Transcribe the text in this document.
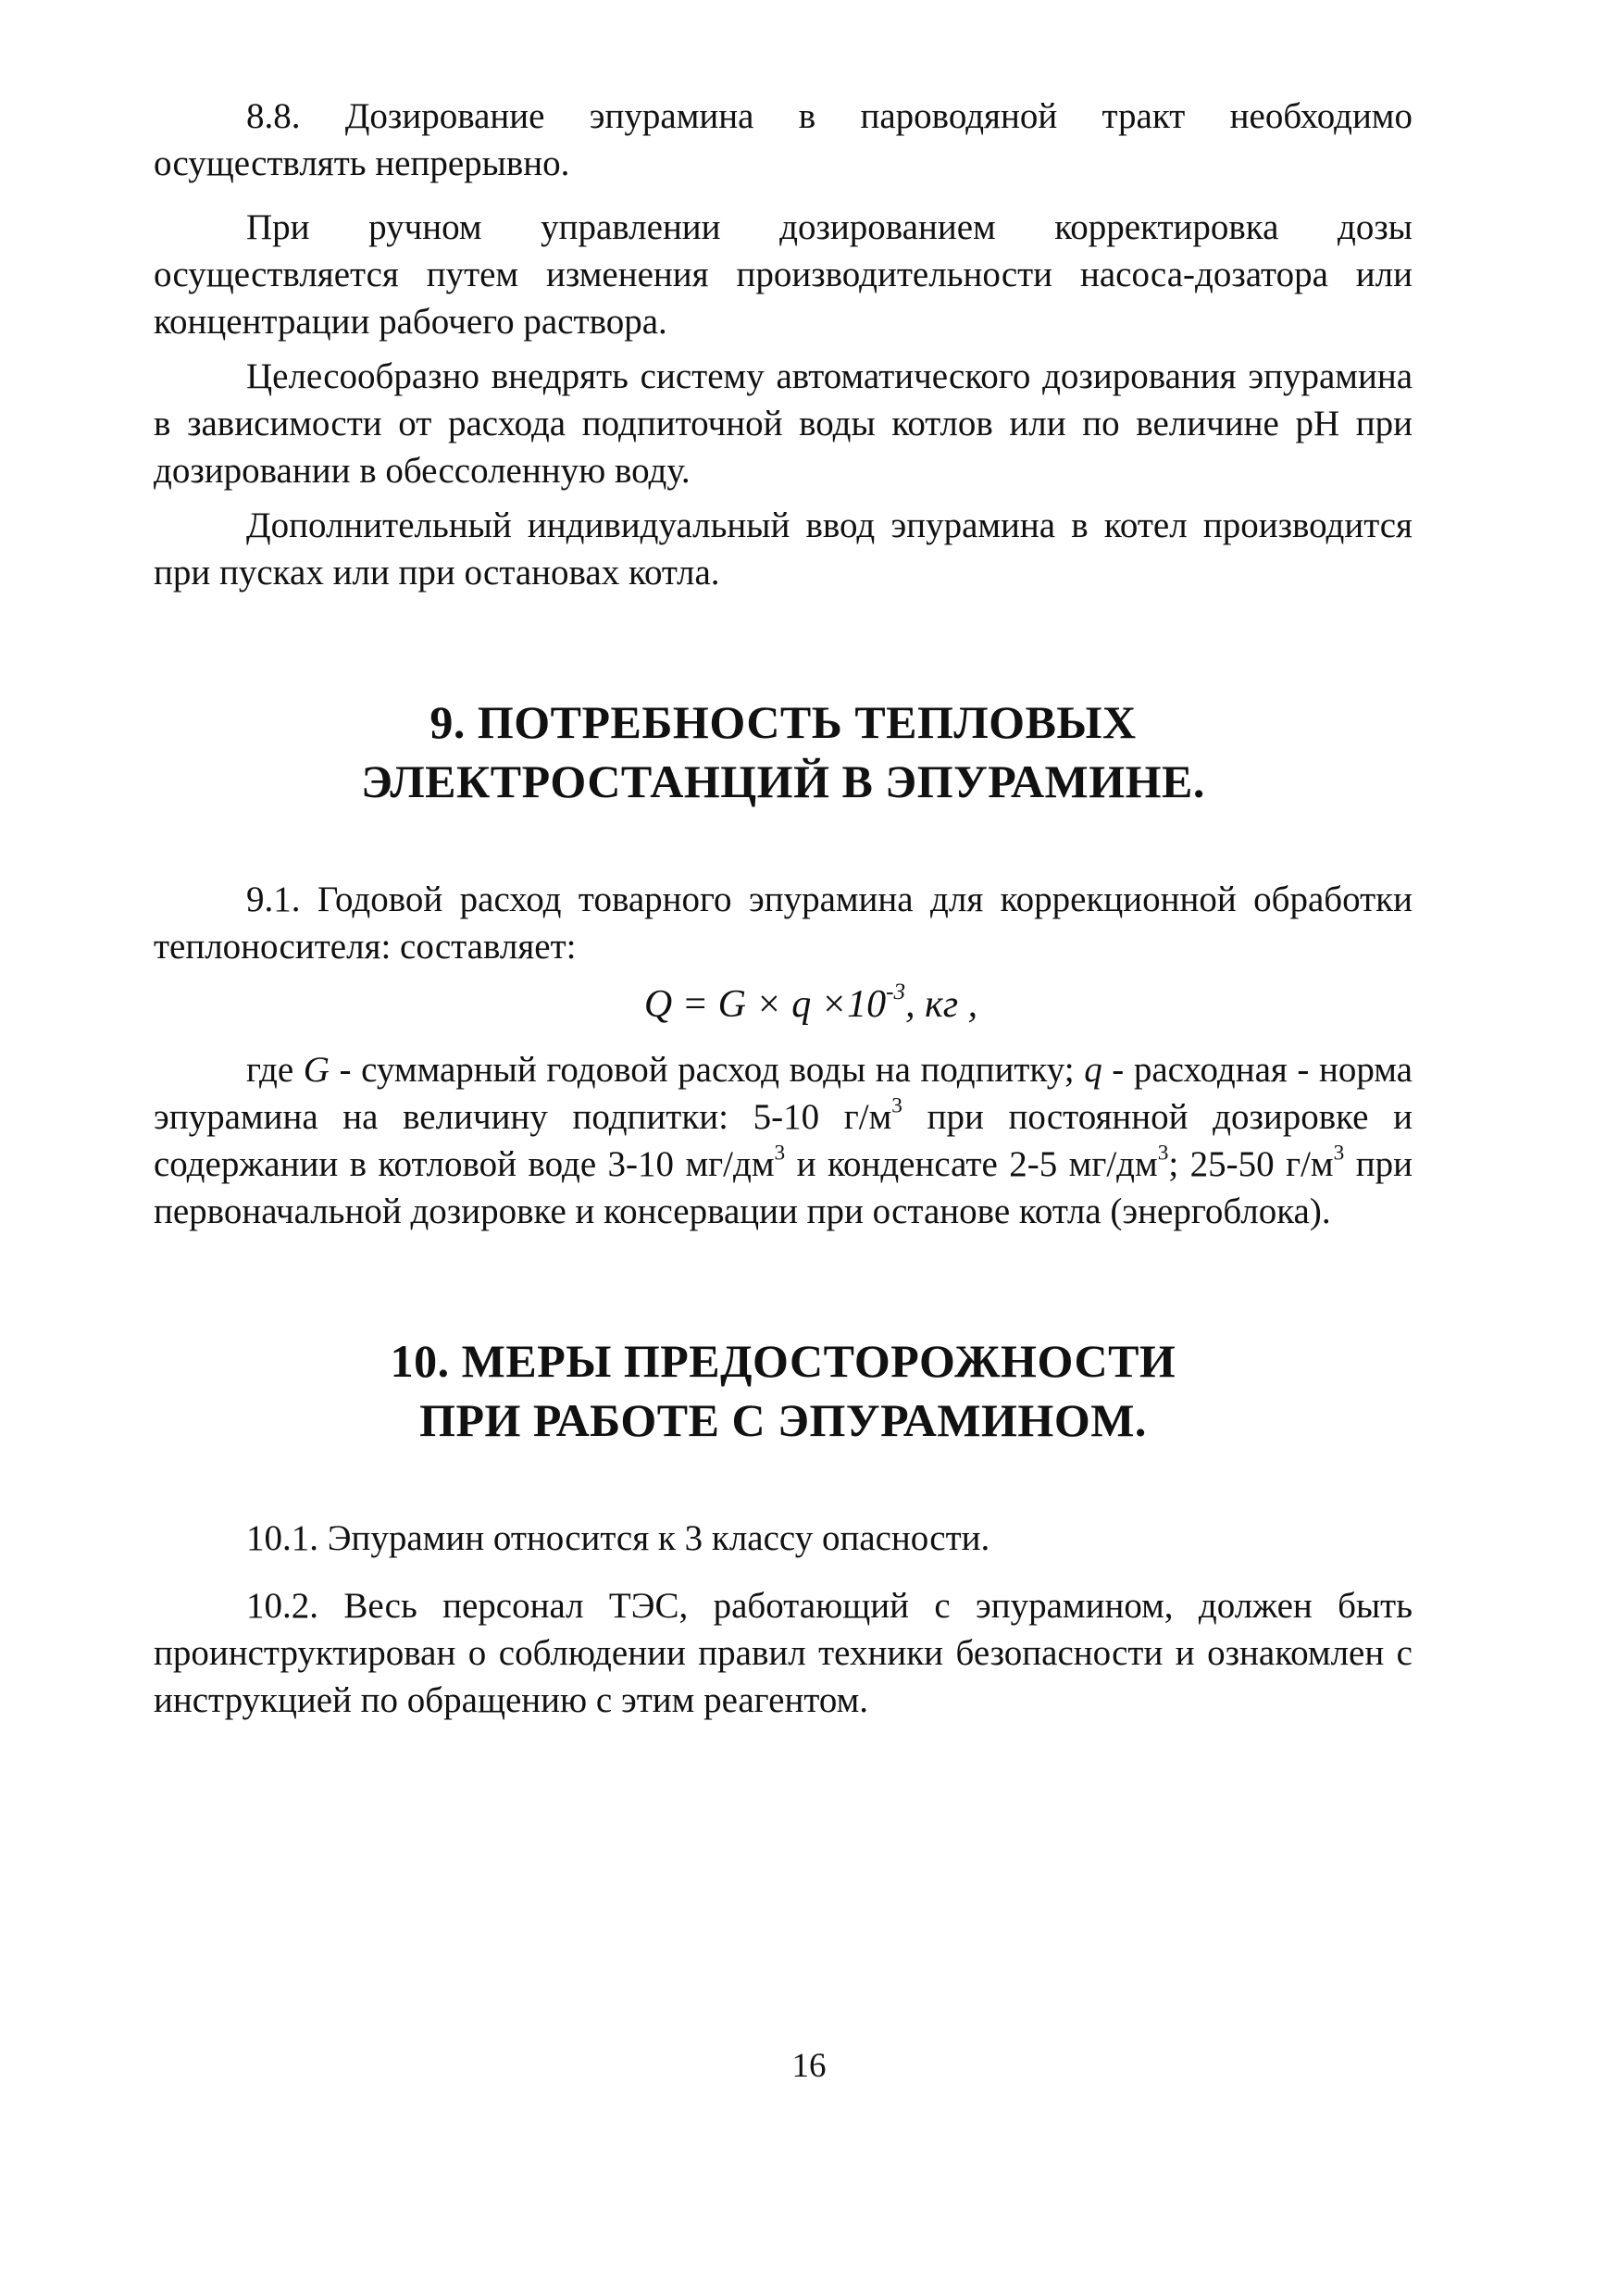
8.8. Дозирование эпурамина в пароводяной тракт необходимо осуществлять непрерывно.

При ручном управлении дозированием корректировка дозы осуществляется путем изменения производительности насоса-дозатора или концентрации рабочего раствора.

Целесообразно внедрять систему автоматического дозирования эпурамина в зависимости от расхода подпиточной воды котлов или по величине рН при дозировании в обессоленную воду.

Дополнительный индивидуальный ввод эпурамина в котел производится при пусках или при остановах котла.

9. ПОТРЕБНОСТЬ ТЕПЛОВЫХ
ЭЛЕКТРОСТАНЦИЙ В ЭПУРАМИНЕ.

9.1. Годовой расход товарного эпурамина для коррекционной обработки теплоносителя: составляет:

$Q = G \times q \times 10^{-3}$, кг ,

где G - суммарный годовой расход воды на подпитку; q - расходная - норма эпурамина на величину подпитки: 5-10 $г/м^3$ при постоянной дозировке и содержании в котловой воде 3-10 $мг/дм^3$ и конденсате 2-5 $мг/дм^3$; 25-50 $г/м^3$ при первоначальной дозировке и консервации при останове котла (энергоблока).

10. МЕРЫ ПРЕДОСТОРОЖНОСТИ
ПРИ РАБОТЕ С ЭПУРАМИНОМ.

10.1. Эпурамин относится к 3 классу опасности.

10.2. Весь персонал ТЭС, работающий с эпурамином, должен быть проинструктирован о соблюдении правил техники безопасности и ознакомлен с инструкцией по обращению с этим реагентом.

16
